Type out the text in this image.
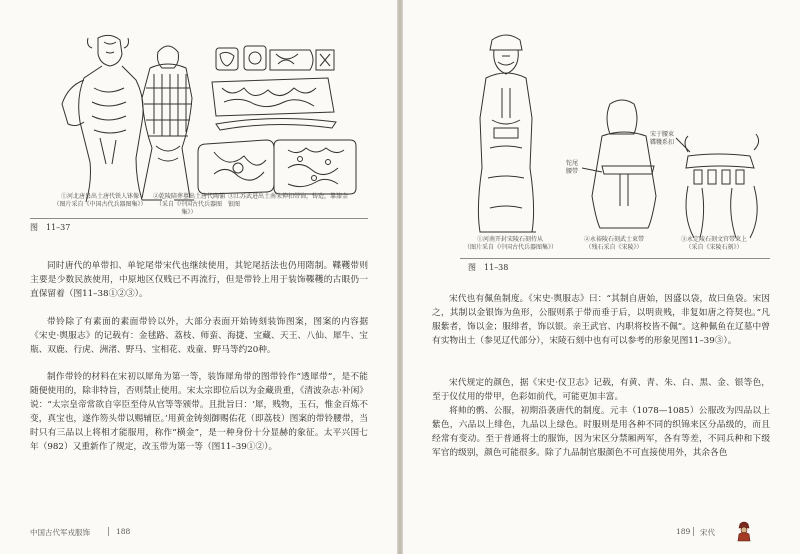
①河北唐县出土唐代铁人钵像
（图片采自《中国古代兵器图集》）
②乾陵陪葬墓出土唐代陶俑
（采自《中国古代兵器图集》）
③江苏武进出土南宋抑扣带饰，铸造，靠漆金银图
图　11–37

同时唐代的单带扣、单铊尾带宋代也继续使用，其铊尾括法也仍用隋制。鞢韄带则主要是少数民族使用，中原地区仅贱已不再流行，但是带铃上用于装饰鞢韄的古眼仍一直保留着（图11–38①②③）。

带铃除了有素面的素面带铃以外，大部分表面开始铸刻装饰图案，图案的内容据《宋史·舆服志》的记载有：金毬路、荔枝、师蛮、海捷、宝藏、天王、八仙、犀牛、宝瓶、双鹿、行虎、洲渚、野马、宝相花、戏童、野马等约20种。

制作带铃的材料在宋初以犀角为第一等，装饰犀角带的图带铃作“透犀带”，是不能随便使用的，除非特旨，否则禁止使用。宋太宗即位后以为金藏贵重，《清波杂志·补闲》说：“太宗皇帝常欲自宰臣至侍从官等等颁带。且批旨曰：‘犀，贱物，玉石，惟金百炼不变，真宝也，遂作笏头带以赐辅臣。’用黄金铸刻御赐佑花（即荔枝）图案的带铃腰带，当时只有三品以上将相才能服用，称作“横金”，是一种身份十分显赫的象征。太平兴国七年（982）又重新作了规定，改玉带为第一等（图11–39①②）。

中国古代军戎服饰	188
铊尾
腰带
宋于腰束
鞢韄系扣
①河南开封宋陵石刻侍从
（图片采自《中国古代兵器图集》）
②永裕陵石刻武士束带
（残石采自《宋陵》）
③永定陵石刻文官带束上
（采自《宋陵石刻》）
图　11–38

宋代也有佩鱼制度。《宋史·舆服志》曰：“其制自唐始，因盛以袋，故曰鱼袋。宋因之，其制以金银饰为鱼形，公服则系于带而垂于后，以明贵贱，非复如唐之符契也。”凡服紫者，饰以金；服绯者，饰以银。亲王武官、内职将校皆不佩”。这种佩鱼在辽墓中曾有实物出土（参见辽代部分），宋陵石刻中也有可以参考的形象见图11–39③）。

宋代规定的颜色，据《宋史·仪卫志》记载，有黄、青、朱、白、黑、金、银等色，至于仪仗用的带甲，色彩如前代，可能更加丰富。

将帅的鹘、公服，初期沿袭唐代的制度。元丰（1078—1085）公服改为四品以上紫色，六品以上绯色，九品以上绿色。时服则是用各种不同的织锦来区分品级的，而且经常有变动。至于普通将士的服饰，因为宋区分禁厢两军，各有等差，不同兵种和下级军官的级别，颜色可能很多。除了九品制官服颜色不可直接使用外，其余各色

189 宋代
